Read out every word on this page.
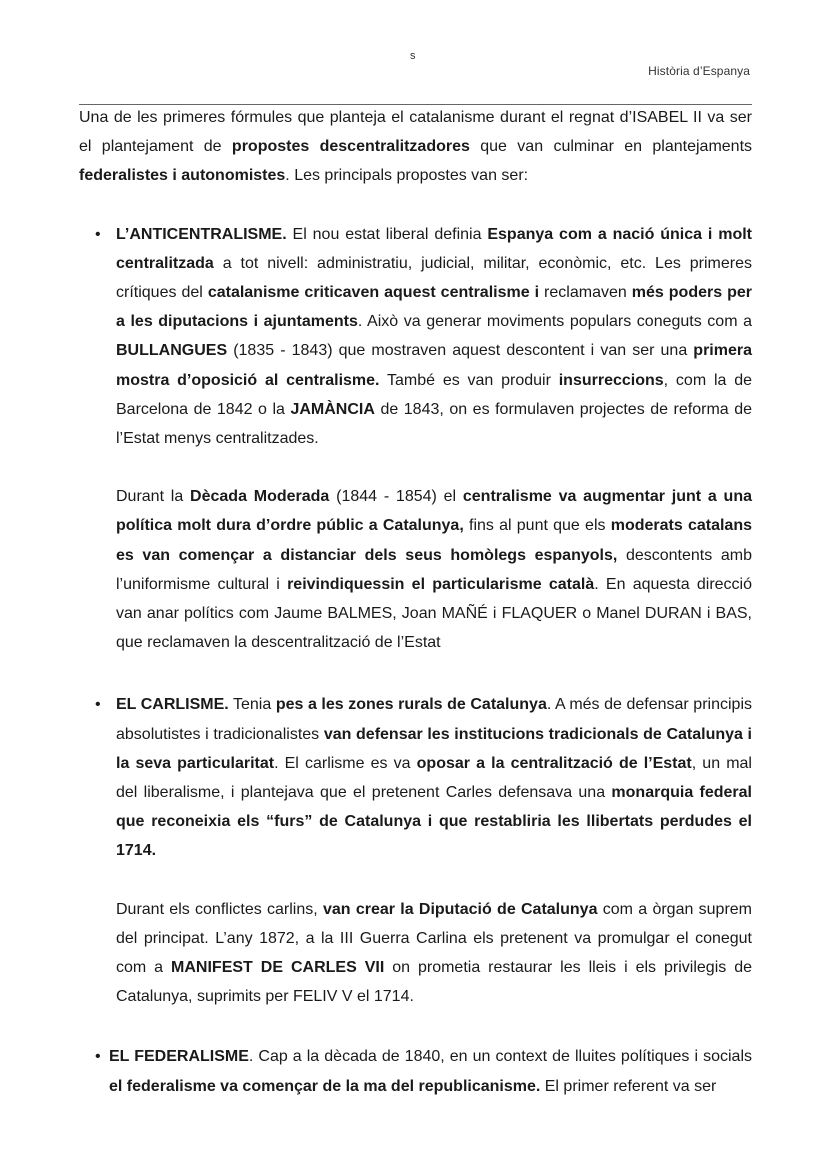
s
Història d’Espanya

Una de les primeres fórmules que planteja el catalanisme durant el regnat d’ISABEL II va ser el plantejament de propostes descentralitzadores que van culminar en plantejaments federalistes i autonomistes. Les principals propostes van ser:

• L’ANTICENTRALISME. El nou estat liberal definia Espanya com a nació única i molt centralitzada a tot nivell: administratiu, judicial, militar, econòmic, etc. Les primeres crítiques del catalanisme criticaven aquest centralisme i reclamaven més poders per a les diputacions i ajuntaments. Això va generar moviments populars coneguts com a BULLANGUES (1835 - 1843) que mostraven aquest descontent i van ser una primera mostra d’oposició al centralisme. També es van produir insurreccions, com la de Barcelona de 1842 o la JAMÀNCIA de 1843, on es formulaven projectes de reforma de l’Estat menys centralitzades.

Durant la Dècada Moderada (1844 - 1854) el centralisme va augmentar junt a una política molt dura d’ordre públic a Catalunya, fins al punt que els moderats catalans es van començar a distanciar dels seus homòlegs espanyols, descontents amb l’uniformisme cultural i reivindiquessin el particularisme català. En aquesta direcció van anar polítics com Jaume BALMES, Joan MAÑÉ i FLAQUER o Manel DURAN i BAS, que reclamaven la descentralització de l’Estat

• EL CARLISME. Tenia pes a les zones rurals de Catalunya. A més de defensar principis absolutistes i tradicionalistes van defensar les institucions tradicionals de Catalunya i la seva particularitat. El carlisme es va oposar a la centralització de l’Estat, un mal del liberalisme, i plantejava que el pretenent Carles defensava una monarquia federal que reconeixia els “furs” de Catalunya i que restabliria les llibertats perdudes el 1714.

Durant els conflictes carlins, van crear la Diputació de Catalunya com a òrgan suprem del principat. L’any 1872, a la III Guerra Carlina els pretenent va promulgar el conegut com a MANIFEST DE CARLES VII on prometia restaurar les lleis i els privilegis de Catalunya, suprimits per FELIV V el 1714.

• EL FEDERALISME. Cap a la dècada de 1840, en un context de lluites polítiques i socials el federalisme va començar de la ma del republicanisme. El primer referent va ser
